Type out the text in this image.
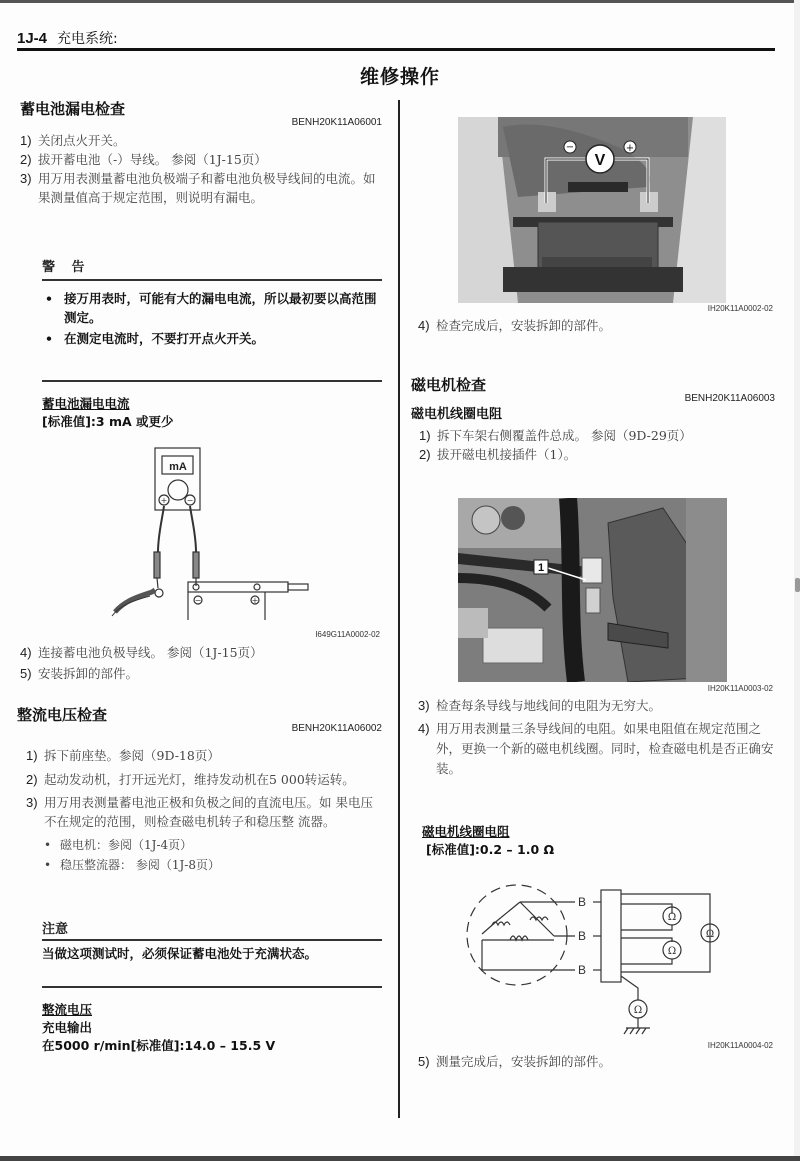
1J-4 充电系统:
维修操作
蓄电池漏电检查
BENH20K11A06001
1) 关闭点火开关。
2) 拔开蓄电池（-）导线。 参阅（1J-15页）
3) 用万用表测量蓄电池负极端子和蓄电池负极导线间的电流。如果测量值高于规定范围，则说明有漏电。
警 告
• 接万用表时，可能有大的漏电电流，所以最初要以高范围测定。
• 在测定电流时，不要打开点火开关。
蓄电池漏电电流
[标准值]:3 mA 或更少
mA
+ −
−	+
I649G11A0002-02
4) 连接蓄电池负极导线。 参阅（1J-15页）
5) 安装拆卸的部件。
整流电压检查
BENH20K11A06002
1) 拆下前座垫。参阅（9D-18页）
2) 起动发动机，打开远光灯，维持发动机在5 000转运转。
3) 用万用表测量蓄电池正极和负极之间的直流电压。如 果电压不在规定的范围，则检查磁电机转子和稳压整 流器。
• 磁电机：参阅（1J-4页）
• 稳压整流器： 参阅（1J-8页）
注意
当做这项测试时，必须保证蓄电池处于充满状态。
整流电压
充电输出
在5000 r/min[标准值]:14.0 – 15.5 V
−	+
V
IH20K11A0002-02
4) 检查完成后，安装拆卸的部件。
磁电机检查
BENH20K11A06003
磁电机线圈电阻
1) 拆下车架右侧覆盖件总成。 参阅（9D-29页）
2) 拔开磁电机接插件（1）。
1
IH20K11A0003-02
3) 检查每条导线与地线间的电阻为无穷大。
4) 用万用表测量三条导线间的电阻。如果电阻值在规定范围之外，更换一个新的磁电机线圈。同时，检查磁电机是否正确安装。
磁电机线圈电阻
[标准值]:0.2 – 1.0 Ω
B
B
B
Ω
Ω
Ω
Ω
IH20K11A0004-02
5) 测量完成后，安装拆卸的部件。
